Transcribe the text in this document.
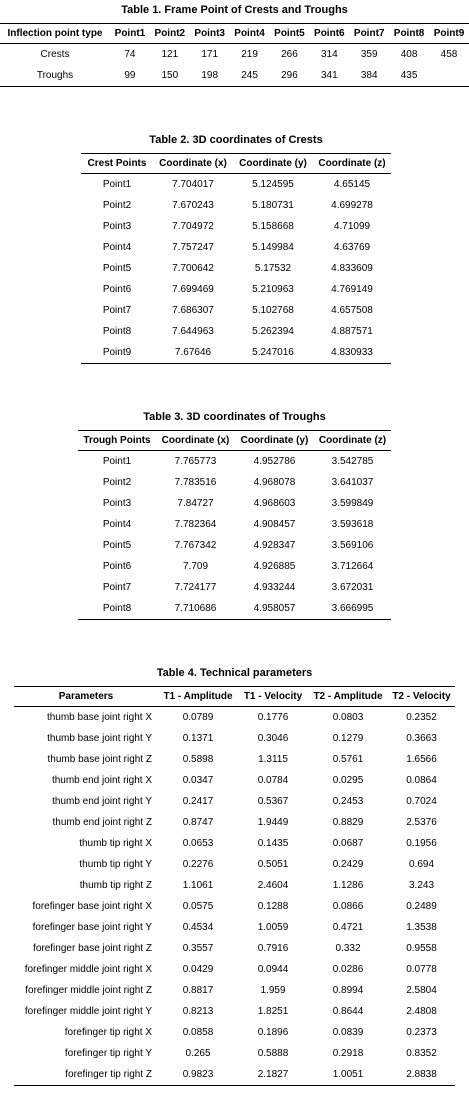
Table 1. Frame Point of Crests and Troughs
Inflection point type	Point1	Point2	Point3	Point4	Point5	Point6	Point7	Point8	Point9
Crests	74	121	171	219	266	314	359	408	458
Troughs	99	150	198	245	296	341	384	435	
Table 2. 3D coordinates of Crests
Crest Points	Coordinate (x)	Coordinate (y)	Coordinate (z)
Point1	7.704017	5.124595	4.65145
Point2	7.670243	5.180731	4.699278
Point3	7.704972	5.158668	4.71099
Point4	7.757247	5.149984	4.63769
Point5	7.700642	5.17532	4.833609
Point6	7.699469	5.210963	4.769149
Point7	7.686307	5.102768	4.657508
Point8	7.644963	5.262394	4.887571
Point9	7.67646	5.247016	4.830933
Table 3. 3D coordinates of Troughs
Trough Points	Coordinate (x)	Coordinate (y)	Coordinate (z)
Point1	7.765773	4.952786	3.542785
Point2	7.783516	4.968078	3.641037
Point3	7.84727	4.968603	3.599849
Point4	7.782364	4.908457	3.593618
Point5	7.767342	4.928347	3.569106
Point6	7.709	4.926885	3.712664
Point7	7.724177	4.933244	3.672031
Point8	7.710686	4.958057	3.666995
Table 4. Technical parameters
Parameters	T1 - Amplitude	T1 - Velocity	T2 - Amplitude	T2 - Velocity
thumb base joint right X	0.0789	0.1776	0.0803	0.2352
thumb base joint right Y	0.1371	0.3046	0.1279	0.3663
thumb base joint right Z	0.5898	1.3115	0.5761	1.6566
thumb end joint right X	0.0347	0.0784	0.0295	0.0864
thumb end joint right Y	0.2417	0.5367	0.2453	0.7024
thumb end joint right Z	0.8747	1.9449	0.8829	2.5376
thumb tip right X	0.0653	0.1435	0.0687	0.1956
thumb tip right Y	0.2276	0.5051	0.2429	0.694
thumb tip right Z	1.1061	2.4604	1.1286	3.243
forefinger base joint right X	0.0575	0.1288	0.0866	0.2489
forefinger base joint right Y	0.4534	1.0059	0.4721	1.3538
forefinger base joint right Z	0.3557	0.7916	0.332	0.9558
forefinger middle joint right X	0.0429	0.0944	0.0286	0.0778
forefinger middle joint right Z	0.8817	1.959	0.8994	2.5804
forefinger middle joint right Y	0.8213	1.8251	0.8644	2.4808
forefinger tip right X	0.0858	0.1896	0.0839	0.2373
forefinger tip right Y	0.265	0.5888	0.2918	0.8352
forefinger tip right Z	0.9823	2.1827	1.0051	2.8838
